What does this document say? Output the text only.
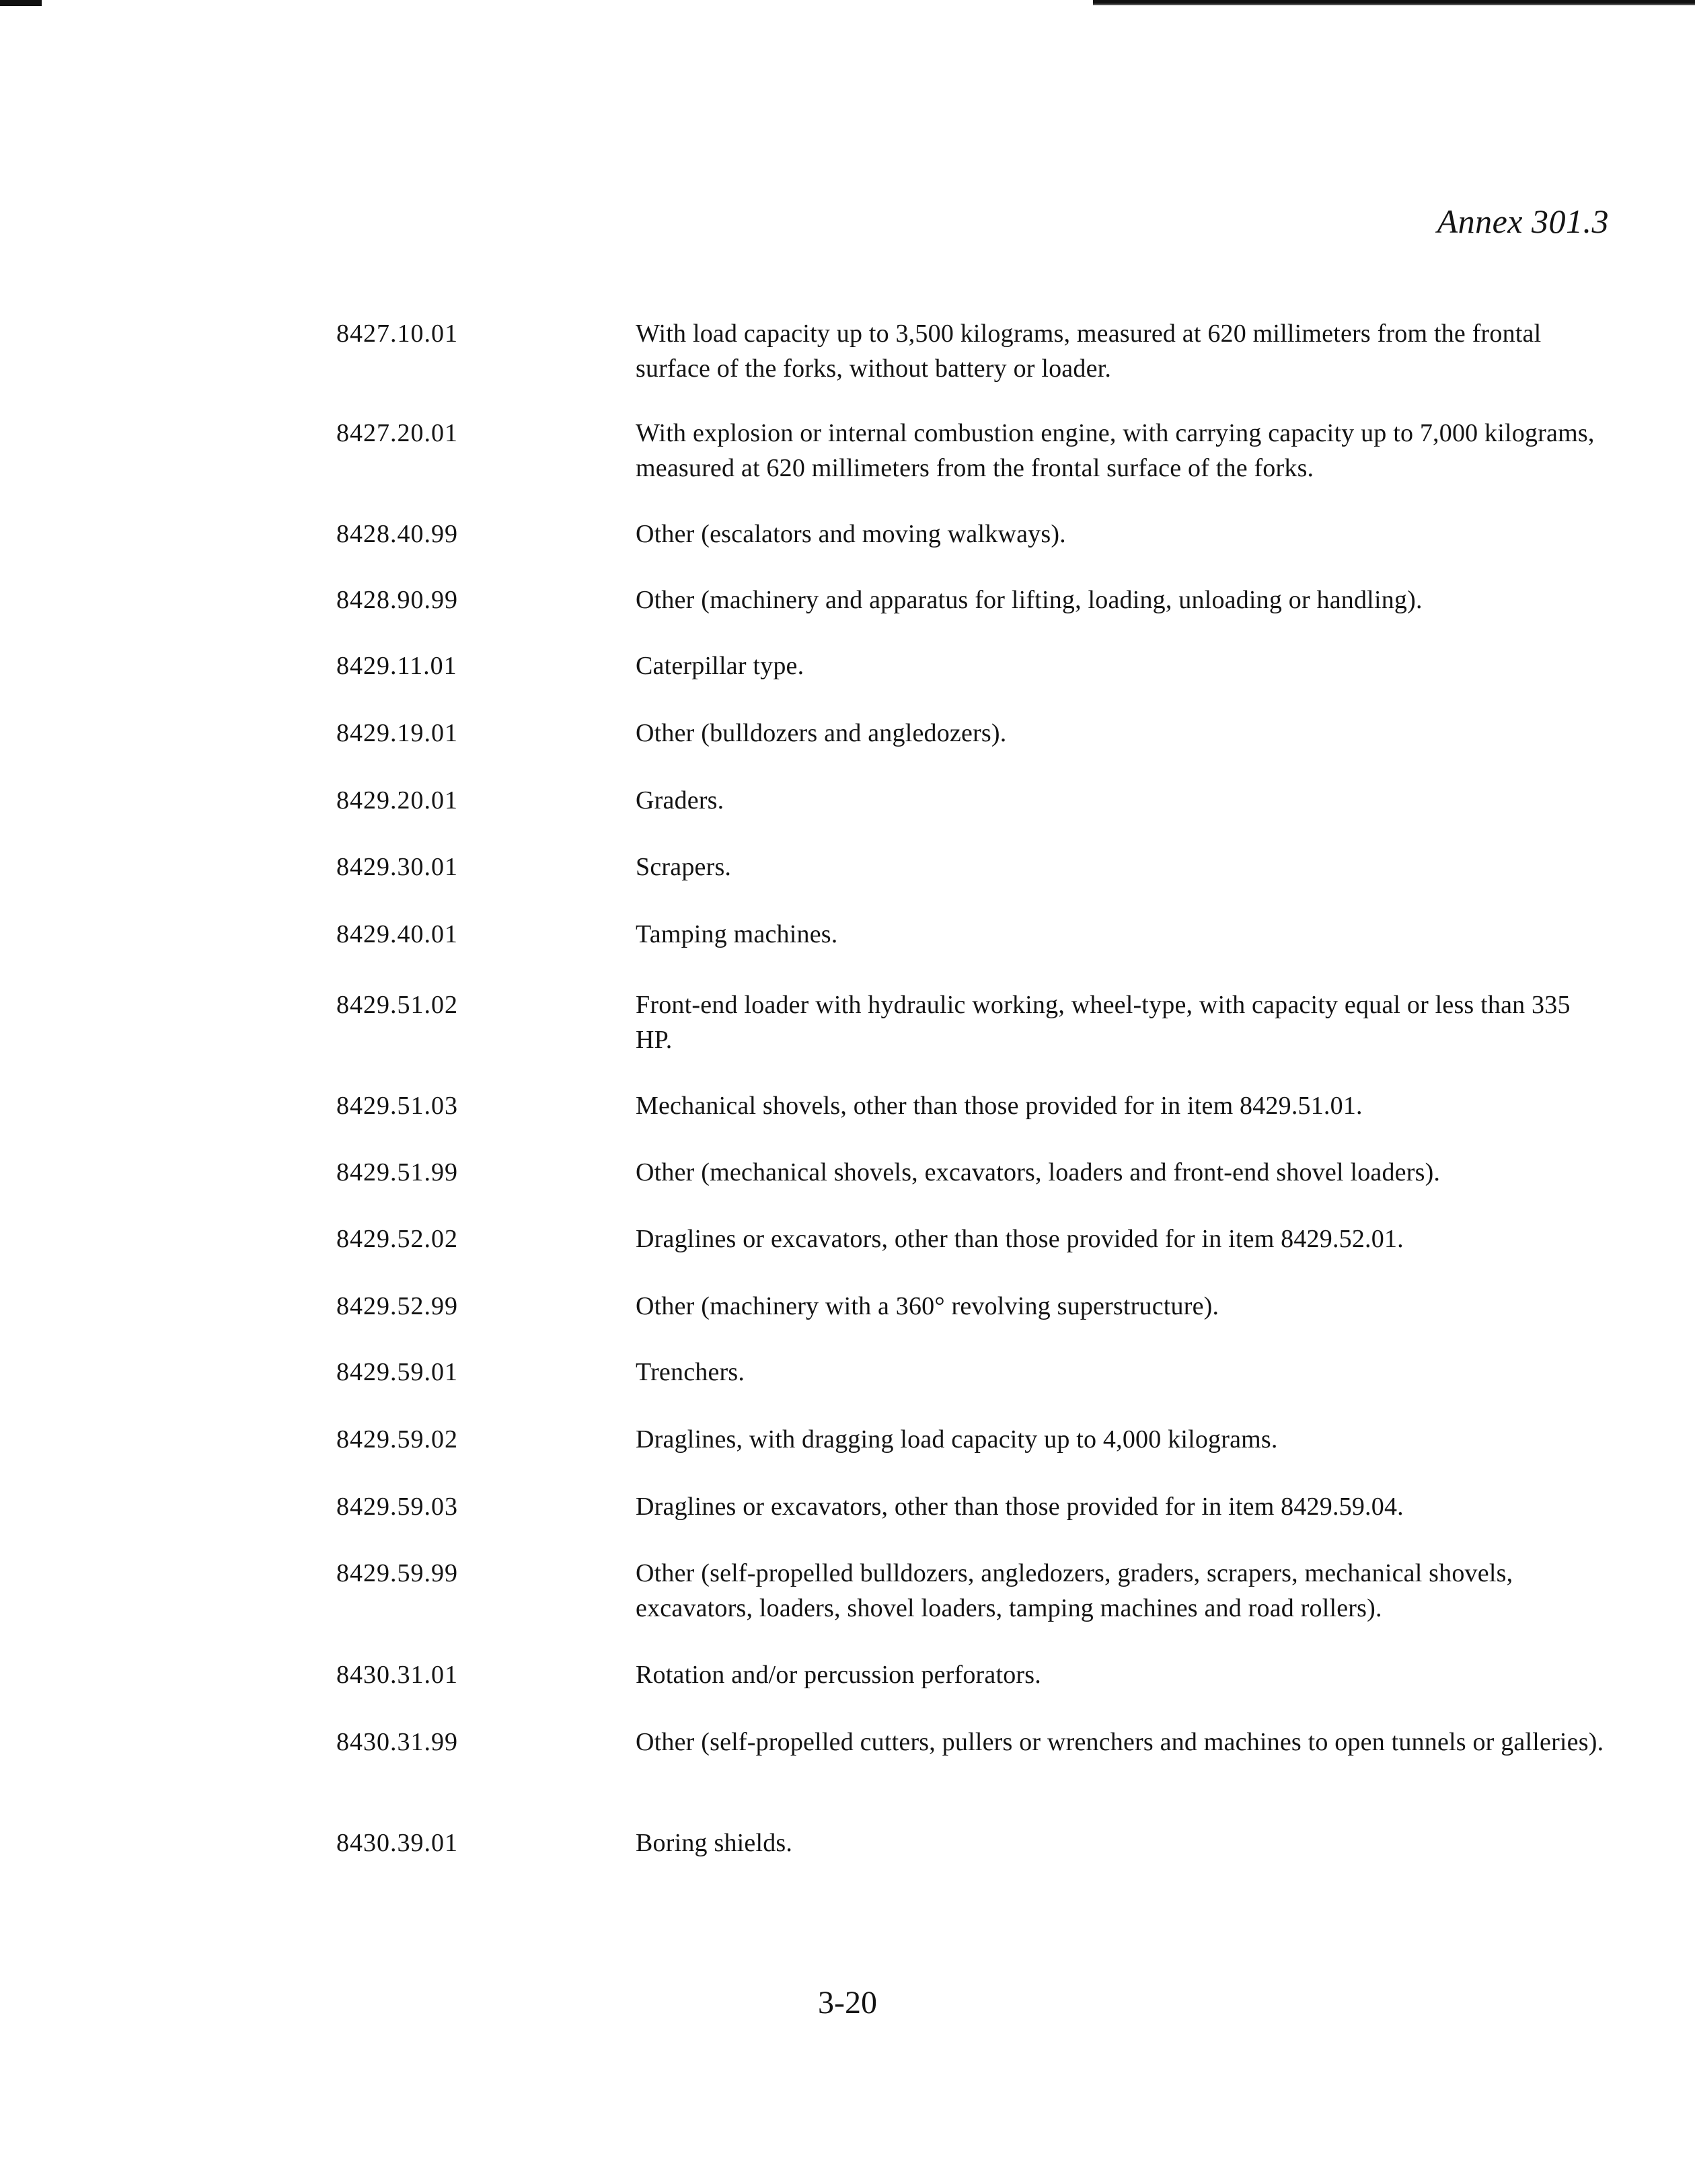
Annex 301.3
8427.10.01	With load capacity up to 3,500 kilograms, measured at 620 millimeters from the frontal surface of the forks, without battery or loader.
8427.20.01	With explosion or internal combustion engine, with carrying capacity up to 7,000 kilograms, measured at 620 millimeters from the frontal surface of the forks.
8428.40.99	Other (escalators and moving walkways).
8428.90.99	Other (machinery and apparatus for lifting, loading, unloading or handling).
8429.11.01	Caterpillar type.
8429.19.01	Other (bulldozers and angledozers).
8429.20.01	Graders.
8429.30.01	Scrapers.
8429.40.01	Tamping machines.
8429.51.02	Front-end loader with hydraulic working, wheel-type, with capacity equal or less than 335 HP.
8429.51.03	Mechanical shovels, other than those provided for in item 8429.51.01.
8429.51.99	Other (mechanical shovels, excavators, loaders and front-end shovel loaders).
8429.52.02	Draglines or excavators, other than those provided for in item 8429.52.01.
8429.52.99	Other (machinery with a 360° revolving superstructure).
8429.59.01	Trenchers.
8429.59.02	Draglines, with dragging load capacity up to 4,000 kilograms.
8429.59.03	Draglines or excavators, other than those provided for in item 8429.59.04.
8429.59.99	Other (self-propelled bulldozers, angledozers, graders, scrapers, mechanical shovels, excavators, loaders, shovel loaders, tamping machines and road rollers).
8430.31.01	Rotation and/or percussion perforators.
8430.31.99	Other (self-propelled cutters, pullers or wrenchers and machines to open tunnels or galleries).
8430.39.01	Boring shields.
3-20
